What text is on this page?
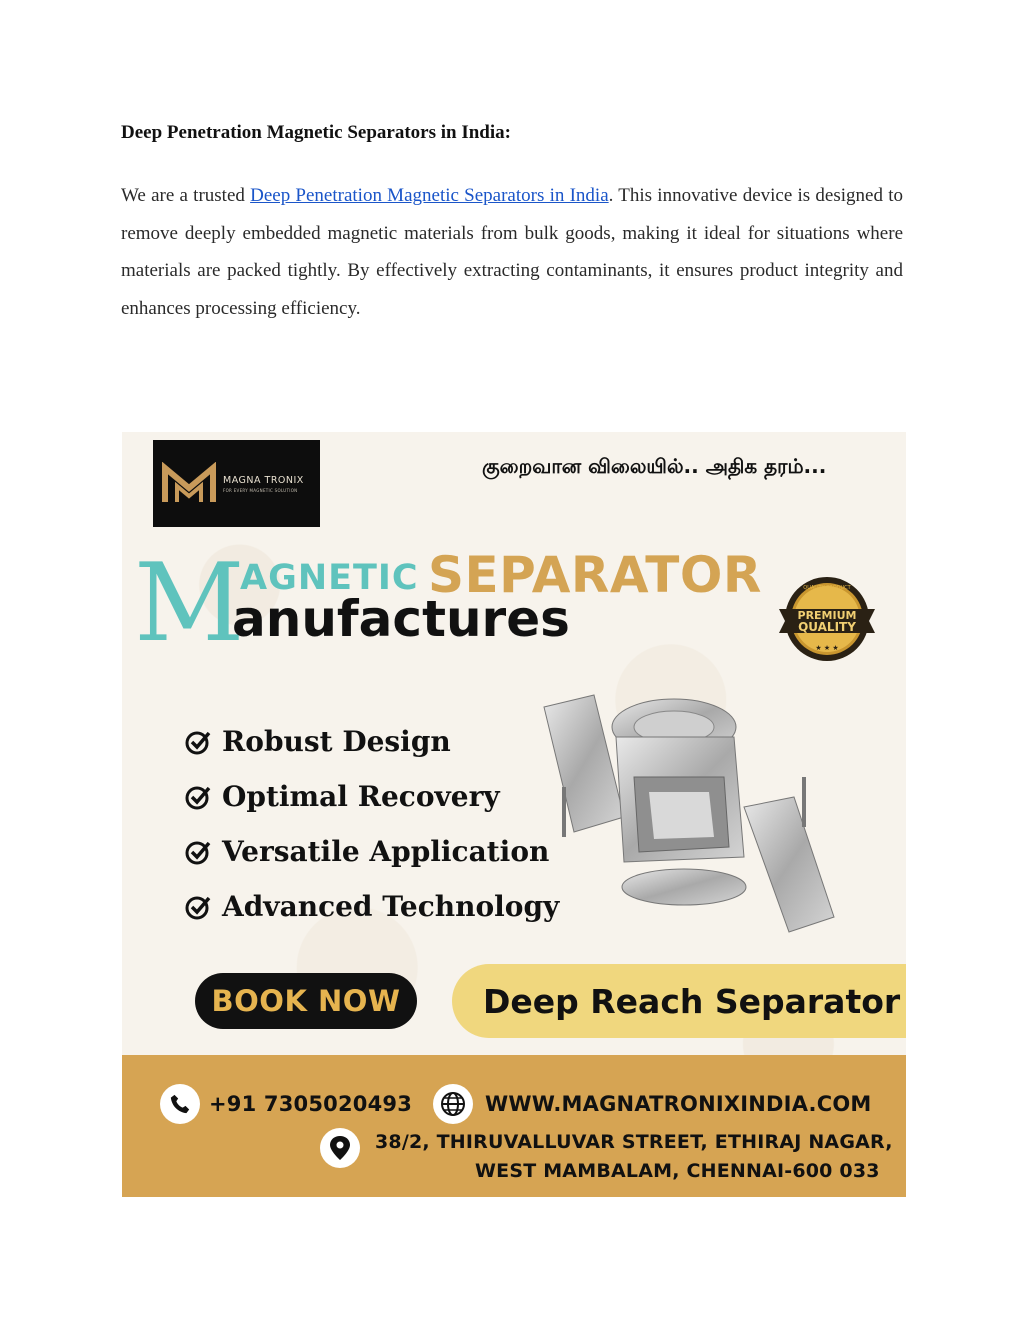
Deep Penetration Magnetic Separators in India:
We are a trusted Deep Penetration Magnetic Separators in India. This innovative device is designed to remove deeply embedded magnetic materials from bulk goods, making it ideal for situations where materials are packed tightly. By effectively extracting contaminants, it ensures product integrity and enhances processing efficiency.
MAGNA TRONIX
FOR EVERY MAGNETIC SOLUTION
குறைவான விலையில்.. அதிக தரம்...
M
AGNETIC SEPARATOR
anufactures
QUALITY PRODUCT
PREMIUM
QUALITY
★ ★ ★
Robust Design
Optimal Recovery
Versatile Application
Advanced Technology
BOOK NOW	Deep Reach Separator
+91 7305020493	WWW.MAGNATRONIXINDIA.COM
38/2, THIRUVALLUVAR STREET, ETHIRAJ NAGAR,
WEST MAMBALAM, CHENNAI-600 033
